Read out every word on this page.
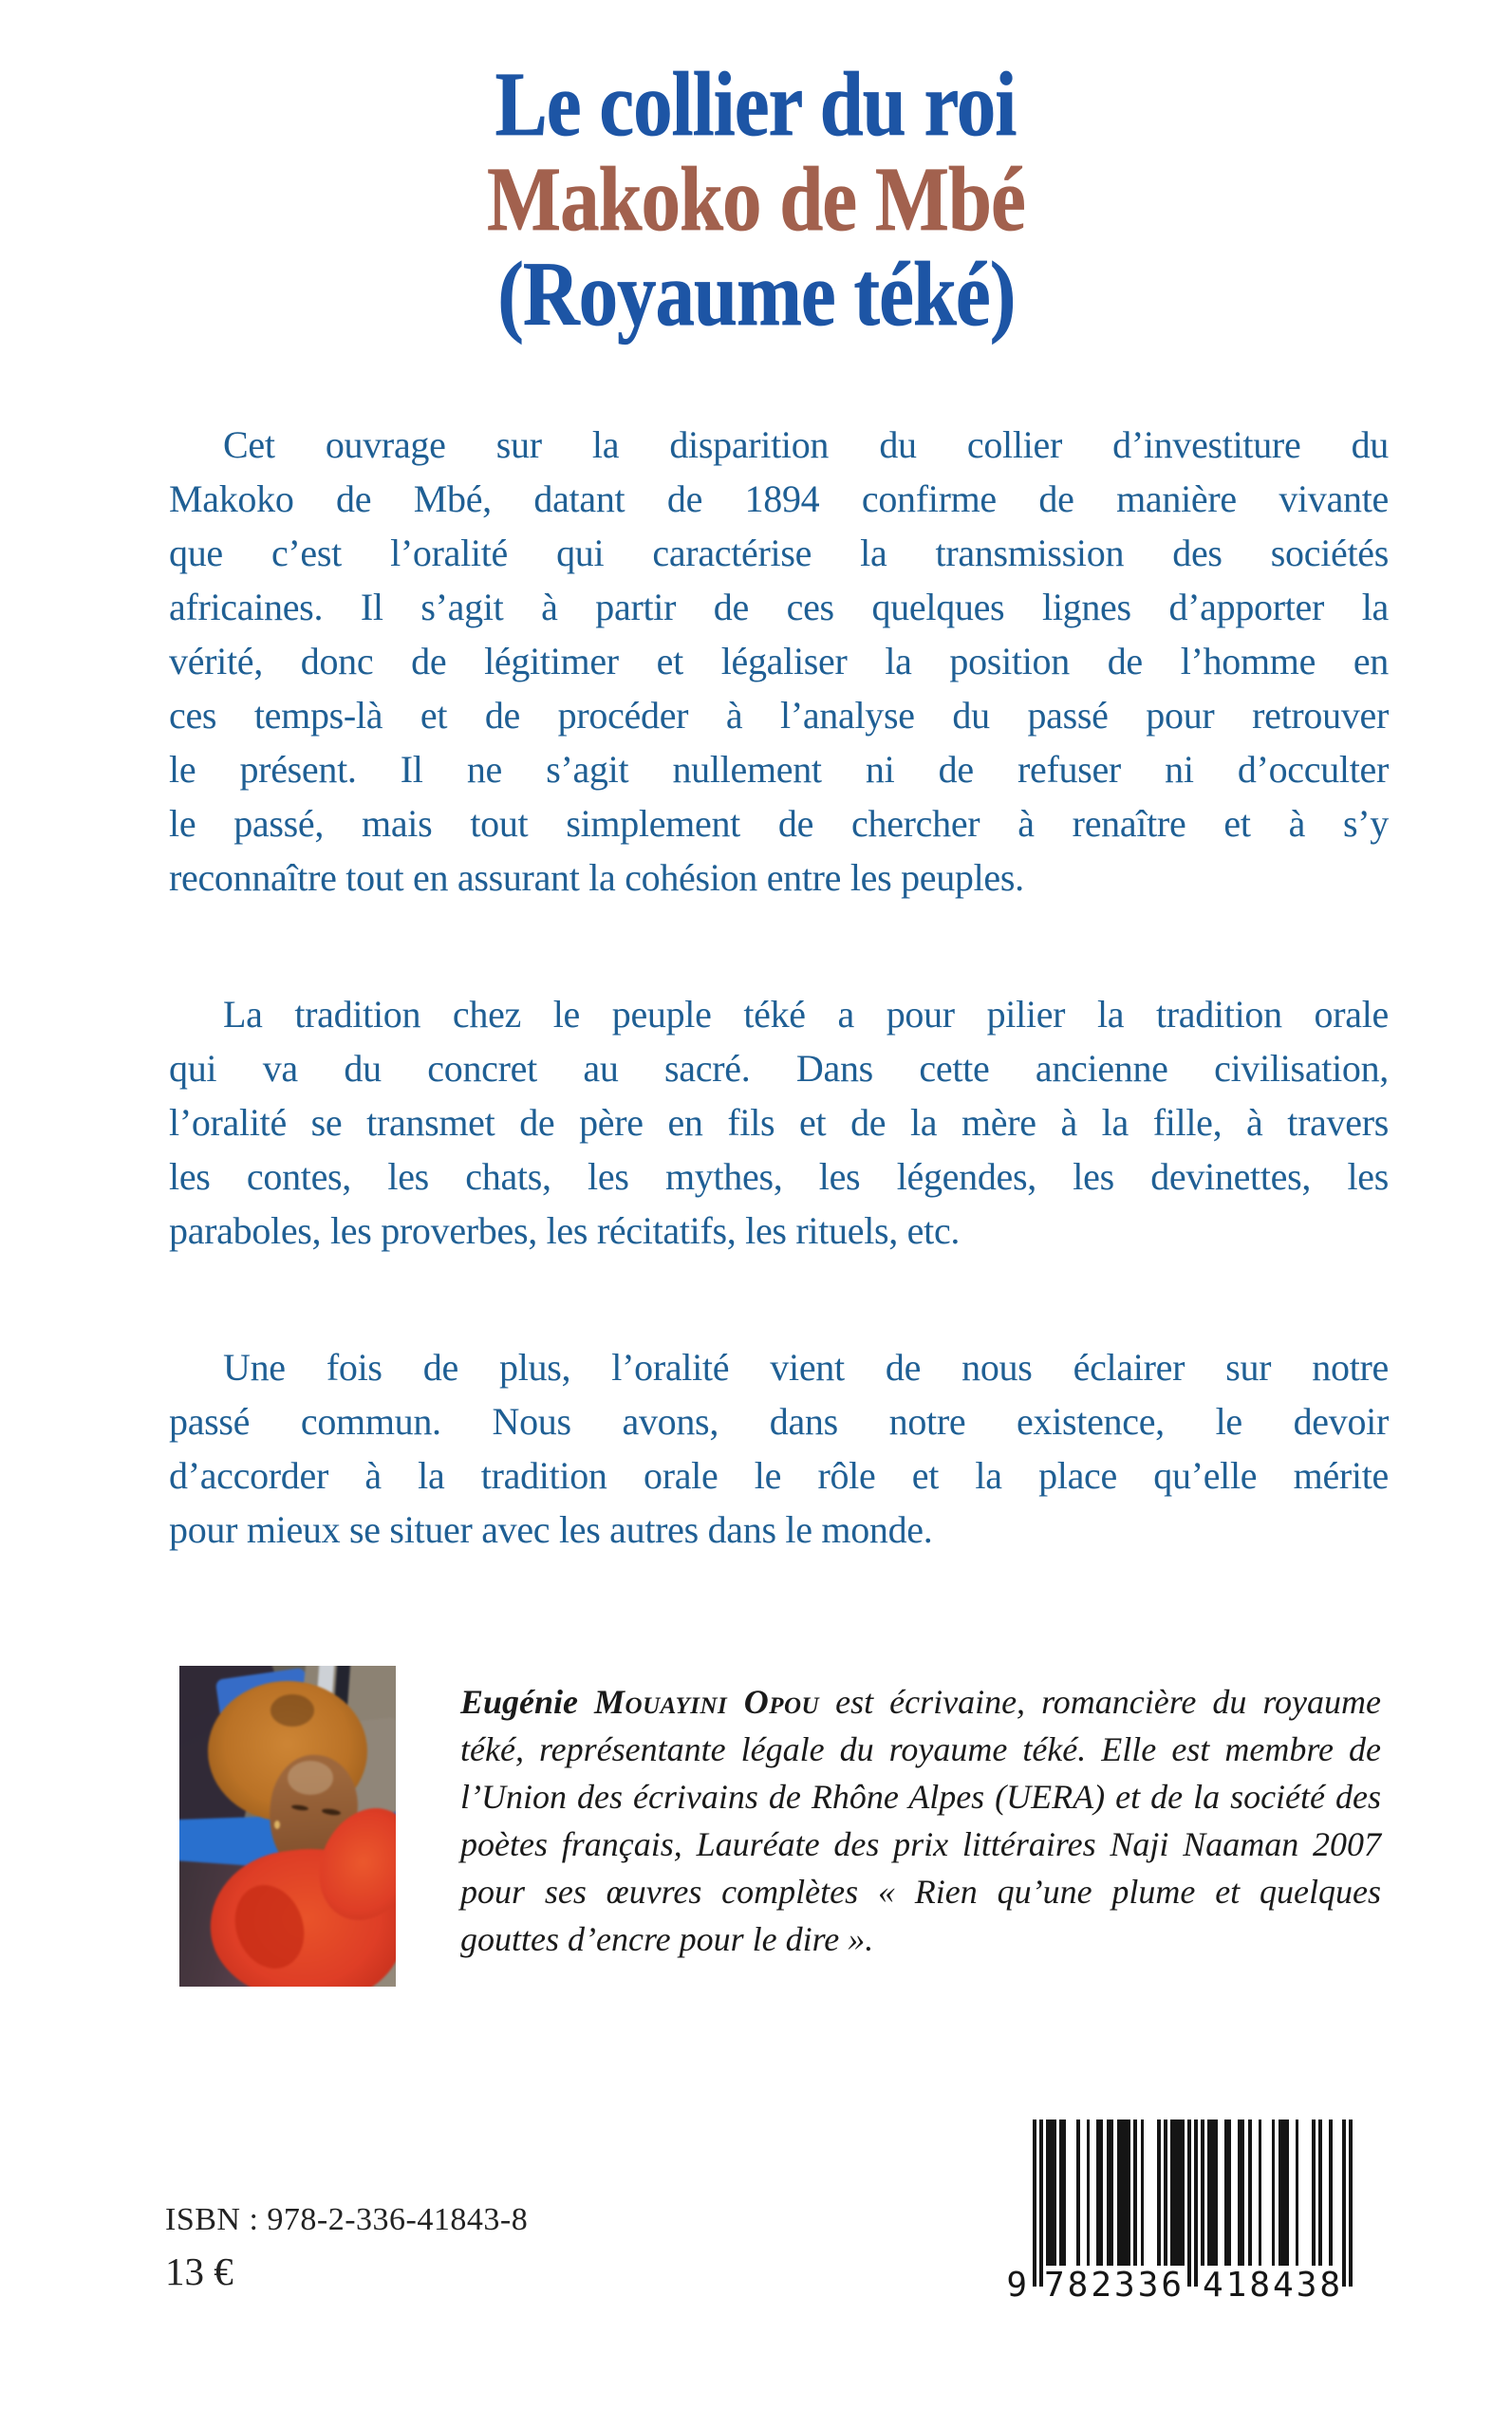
Le collier du roi
Makoko de Mbé
(Royaume téké)
Cet ouvrage sur la disparition du collier d’investiture du
Makoko de Mbé, datant de 1894 confirme de manière vivante
que c’est l’oralité qui caractérise la transmission des sociétés
africaines. Il s’agit à partir de ces quelques lignes d’apporter la
vérité, donc de légitimer et légaliser la position de l’homme en
ces temps-là et de procéder à l’analyse du passé pour retrouver
le présent. Il ne s’agit nullement ni de refuser ni d’occulter
le passé, mais tout simplement de chercher à renaître et à s’y
reconnaître tout en assurant la cohésion entre les peuples.
La tradition chez le peuple téké a pour pilier la tradition orale
qui va du concret au sacré. Dans cette ancienne civilisation,
l’oralité se transmet de père en fils et de la mère à la fille, à travers
les contes, les chats, les mythes, les légendes, les devinettes, les
paraboles, les proverbes, les récitatifs, les rituels, etc.
Une fois de plus, l’oralité vient de nous éclairer sur notre
passé commun. Nous avons, dans notre existence, le devoir
d’accorder à la tradition orale le rôle et la place qu’elle mérite
pour mieux se situer avec les autres dans le monde.

Eugénie Mouayini Opou est écrivaine, romancière du royaume téké, représentante légale du royaume téké. Elle est membre de l’Union des écrivains de Rhône Alpes (UERA) et de la société des poètes français, Lauréate des prix littéraires Naji Naaman 2007 pour ses œuvres complètes « Rien qu’une plume et quelques gouttes d’encre pour le dire ».

ISBN : 978-2-336-41843-8
13 €	9 782336 418438
